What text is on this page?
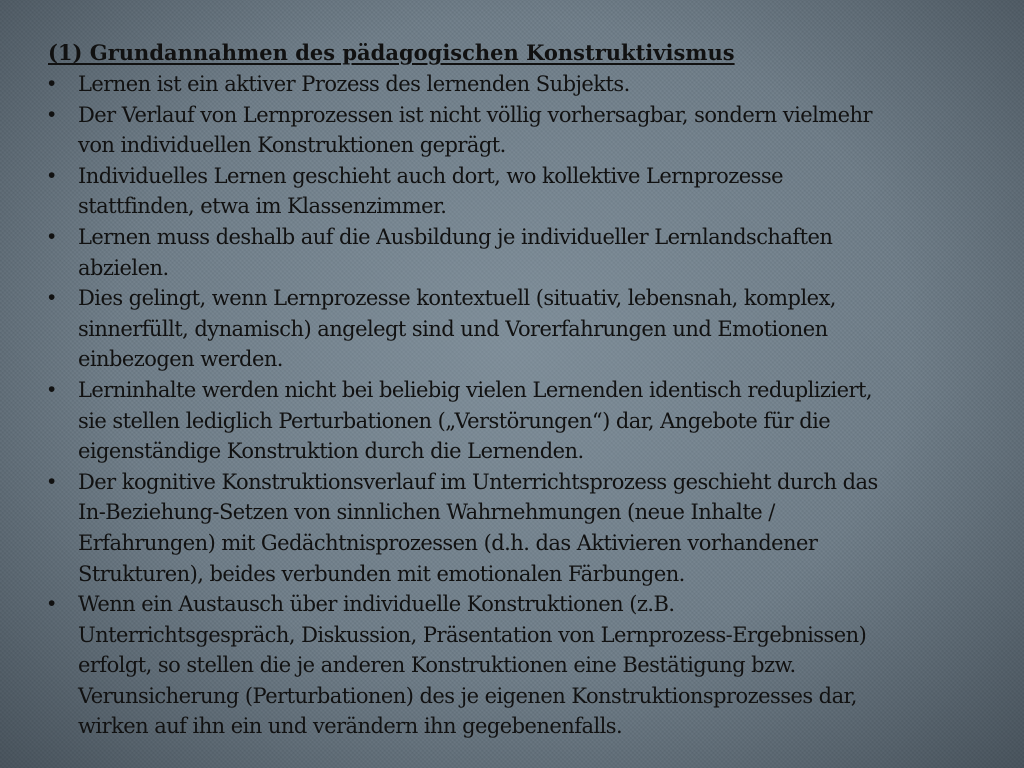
(1) Grundannahmen des pädagogischen Konstruktivismus
•	Lernen ist ein aktiver Prozess des lernenden Subjekts.
•	Der Verlauf von Lernprozessen ist nicht völlig vorhersagbar, sondern vielmehr
von individuellen Konstruktionen geprägt.
•	Individuelles Lernen geschieht auch dort, wo kollektive Lernprozesse
stattfinden, etwa im Klassenzimmer.
•	Lernen muss deshalb auf die Ausbildung je individueller Lernlandschaften
abzielen.
•	Dies gelingt, wenn Lernprozesse kontextuell (situativ, lebensnah, komplex,
sinnerfüllt, dynamisch) angelegt sind und Vorerfahrungen und Emotionen
einbezogen werden.
•	Lerninhalte werden nicht bei beliebig vielen Lernenden identisch redupliziert,
sie stellen lediglich Perturbationen („Verstörungen“) dar, Angebote für die
eigenständige Konstruktion durch die Lernenden.
•	Der kognitive Konstruktionsverlauf im Unterrichtsprozess geschieht durch das
In-Beziehung-Setzen von sinnlichen Wahrnehmungen (neue Inhalte /
Erfahrungen) mit Gedächtnisprozessen (d.h. das Aktivieren vorhandener
Strukturen), beides verbunden mit emotionalen Färbungen.
•	Wenn ein Austausch über individuelle Konstruktionen (z.B.
Unterrichtsgespräch, Diskussion, Präsentation von Lernprozess-Ergebnissen)
erfolgt, so stellen die je anderen Konstruktionen eine Bestätigung bzw.
Verunsicherung (Perturbationen) des je eigenen Konstruktionsprozesses dar,
wirken auf ihn ein und verändern ihn gegebenenfalls.
